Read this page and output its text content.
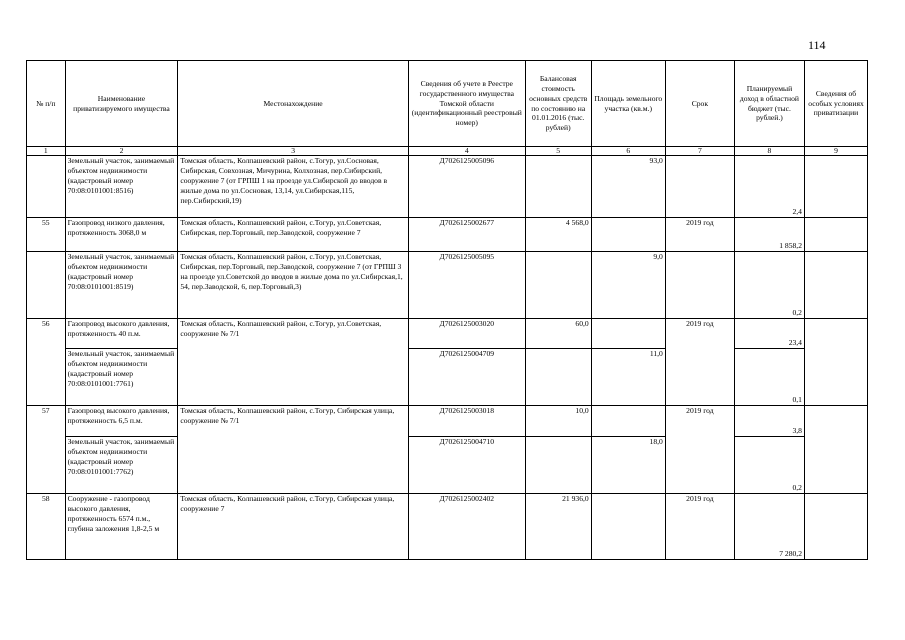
114
№ п/п	Наименование приватизируемого имущества	Местонахождение	Сведения об учете в Реестре государственного имущества Томской области (идентификационный реестровый номер)	Балансовая стоимость основных средств по состоянию на 01.01.2016 (тыс. рублей)	Площадь земельного участка (кв.м.)	Срок	Планируемый доход в областной бюджет (тыс. рублей.)	Сведения об особых условиях приватизации
1	2	3	4	5	6	7	8	9
	Земельный участок, занимаемый объектом недвижимости (кадастровый номер 70:08:0101001:8516)	Томская область, Колпашевский район, с.Тогур, ул.Сосновая, Сибирская, Совхозная, Мичурина, Колхозная, пер.Сибирский, сооружение 7 (от ГРПШ 1 на проезде ул.Сибирской до вводов в жилые дома по ул.Сосновая, 13,14, ул.Сибирская,115, пер.Сибирский,19)	Д7026125005096		93,0		2,4	
55	Газопровод низкого давления, протяженность 3068,0 м	Томская область, Колпашевский район, с.Тогур, ул.Советская, Сибирская, пер.Торговый, пер.Заводской, сооружение 7	Д7026125002677	4 568,0		2019 год	1 858,2	
	Земельный участок, занимаемый объектом недвижимости (кадастровый номер 70:08:0101001:8519)	Томская область, Колпашевский район, с.Тогур, ул.Советская, Сибирская, пер.Торговый, пер.Заводской, сооружение 7 (от ГРПШ 3 на проезде ул.Советской до вводов в жилые дома по ул.Сибирская,1, 54, пер.Заводской, 6, пер.Торговый,3)	Д7026125005095		9,0		0,2	
56	Газопровод высокого давления, протяженность 40 п.м.	Томская область, Колпашевский район, с.Тогур, ул.Советская, сооружение № 7/1	Д7026125003020	60,0		2019 год	23,4	
	Земельный участок, занимаемый объектом недвижимости (кадастровый номер 70:08:0101001:7761)		Д7026125004709		11,0		0,1	
57	Газопровод высокого давления, протяженность 6,5 п.м.	Томская область, Колпашевский район, с.Тогур, Сибирская улица, сооружение № 7/1	Д7026125003018	10,0		2019 год	3,8	
	Земельный участок, занимаемый объектом недвижимости (кадастровый номер 70:08:0101001:7762)		Д7026125004710		18,0		0,2	
58	Сооружение - газопровод высокого давления, протяженность 6574 п.м., глубина заложения 1,8-2,5 м	Томская область, Колпашевский район, с.Тогур, Сибирская улица, сооружение 7	Д7026125002402	21 936,0		2019 год	7 280,2	
